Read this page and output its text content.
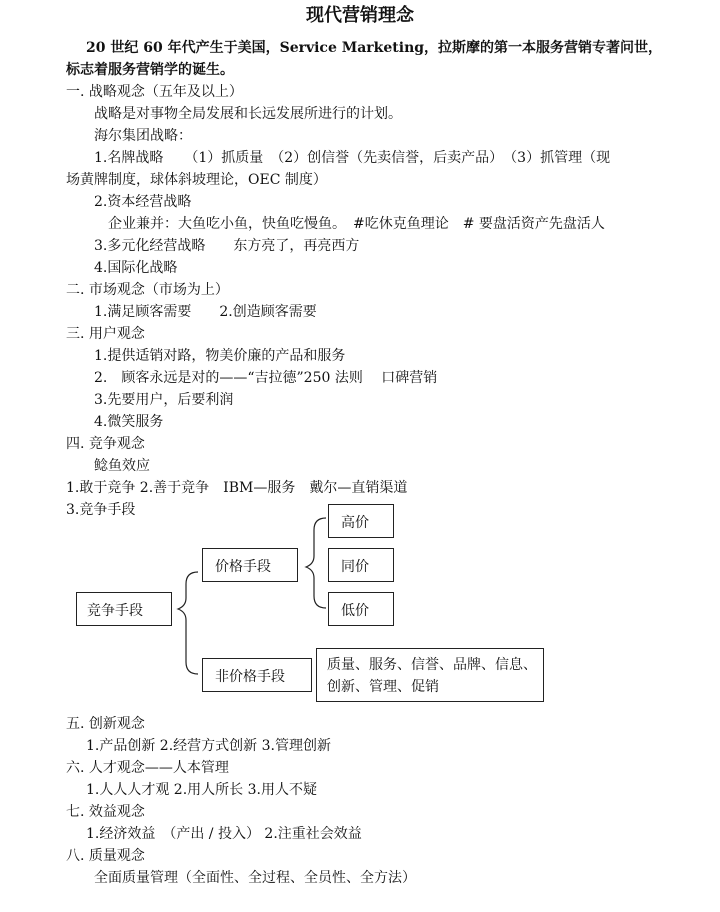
现代营销理念
20 世纪 60 年代产生于美国，Service Marketing，拉斯摩的第一本服务营销专著问世，
标志着服务营销学的诞生。
一. 战略观念（五年及以上）
战略是对事物全局发展和长远发展所进行的计划。
海尔集团战略：
1.名牌战略　　（1）抓质量　（2）创信誉（先卖信誉，后卖产品）　（3）抓管理（现
场黄牌制度，球体斜坡理论，OEC 制度）
2.资本经营战略
企业兼并：大鱼吃小鱼，快鱼吃慢鱼。　#吃休克鱼理论　# 要盘活资产先盘活人
3.多元化经营战略　　东方亮了，再亮西方
4.国际化战略
二. 市场观念（市场为上）
1.满足顾客需要　　2.创造顾客需要
三. 用户观念
1.提供适销对路，物美价廉的产品和服务
2.　顾客永远是对的——“吉拉德”250 法则　 口碑营销
3.先要用户，后要利润
4.微笑服务
四. 竞争观念
鲶鱼效应
1.敢于竞争 2.善于竞争　IBM—服务　戴尔—直销渠道
3.竞争手段
竞争手段
价格手段
高价
同价
低价
非价格手段
质量、服务、信誉、品牌、信息、
创新、管理、促销
五. 创新观念
1.产品创新 2.经营方式创新 3.管理创新
六. 人才观念——人本管理
1.人人人才观 2.用人所长 3.用人不疑
七. 效益观念
1.经济效益　（产出 / 投入） 2.注重社会效益
八. 质量观念
全面质量管理（全面性、全过程、全员性、全方法）
